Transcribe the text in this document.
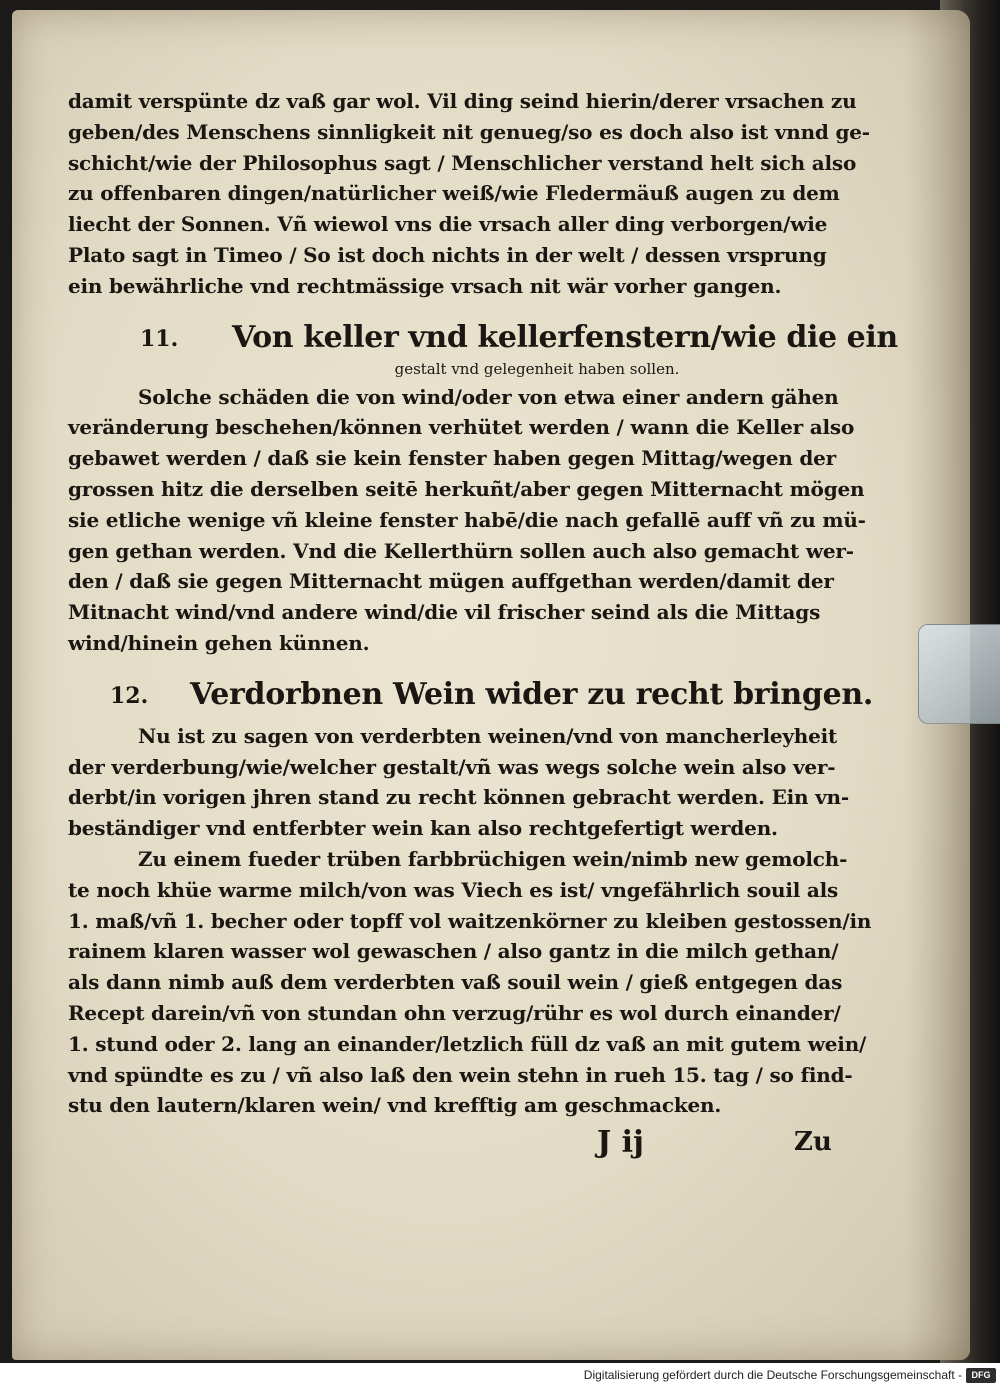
damit verspünte dz vaß gar wol. Vil ding seind hierin/derer vrsachen zu
geben/des Menschens sinnligkeit nit genueg/so es doch also ist vnnd ge-
schicht/wie der Philosophus sagt / Menschlicher verstand helt sich also
zu offenbaren dingen/natürlicher weiß/wie Fledermäuß augen zu dem
liecht der Sonnen. Vñ wiewol vns die vrsach aller ding verborgen/wie
Plato sagt in Timeo / So ist doch nichts in der welt / dessen vrsprung
ein bewährliche vnd rechtmässige vrsach nit wär vorher gangen.
11. Von keller vnd kellerfenstern/wie die ein
gestalt vnd gelegenheit haben sollen.
Solche schäden die von wind/oder von etwa einer andern gähen
veränderung beschehen/können verhütet werden / wann die Keller also
gebawet werden / daß sie kein fenster haben gegen Mittag/wegen der
grossen hitz die derselben seitē herkuñt/aber gegen Mitternacht mögen
sie etliche wenige vñ kleine fenster habē/die nach gefallē auff vñ zu mü-
gen gethan werden. Vnd die Kellerthürn sollen auch also gemacht wer-
den / daß sie gegen Mitternacht mügen auffgethan werden/damit der
Mitnacht wind/vnd andere wind/die vil frischer seind als die Mittags
wind/hinein gehen künnen.
12. Verdorbnen Wein wider zu recht bringen.
Nu ist zu sagen von verderbten weinen/vnd von mancherleyheit
der verderbung/wie/welcher gestalt/vñ was wegs solche wein also ver-
derbt/in vorigen jhren stand zu recht können gebracht werden. Ein vn-
beständiger vnd entferbter wein kan also rechtgefertigt werden.
Zu einem fueder trüben farbbrüchigen wein/nimb new gemolch-
te noch khüe warme milch/von was Viech es ist/ vngefährlich souil als
1. maß/vñ 1. becher oder topff vol waitzenkörner zu kleiben gestossen/in
rainem klaren wasser wol gewaschen / also gantz in die milch gethan/
als dann nimb auß dem verderbten vaß souil wein / gieß entgegen das
Recept darein/vñ von stundan ohn verzug/rühr es wol durch einander/
1. stund oder 2. lang an einander/letzlich füll dz vaß an mit gutem wein/
vnd spündte es zu / vñ also laß den wein stehn in rueh 15. tag / so find-
stu den lautern/klaren wein/ vnd krefftig am geschmacken.
J ij	Zu
Digitalisierung gefördert durch die Deutsche Forschungsgemeinschaft -	DFG
